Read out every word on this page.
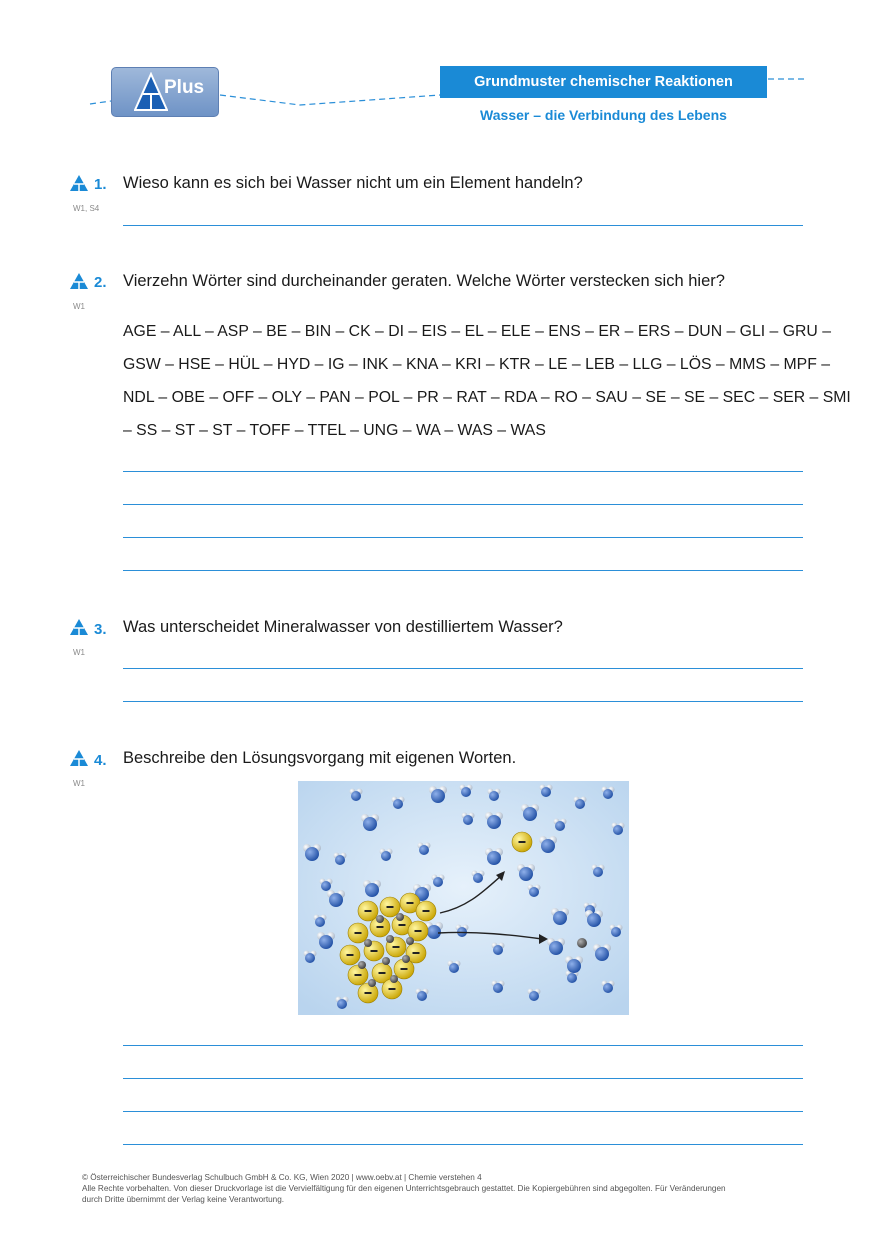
Plus	Grundmuster chemischer Reaktionen
Wasser – die Verbindung des Lebens
1.
W1, S4
Wieso kann es sich bei Wasser nicht um ein Element handeln?
2.
W1
Vierzehn Wörter sind durcheinander geraten. Welche Wörter verstecken sich hier?
AGE – ALL – ASP – BE – BIN – CK – DI – EIS – EL – ELE – ENS – ER – ERS – DUN – GLI – GRU –
GSW – HSE – HÜL – HYD – IG – INK – KNA – KRI – KTR – LE – LEB – LLG – LÖS – MMS – MPF –
NDL – OBE – OFF – OLY – PAN – POL – PR – RAT – RDA – RO – SAU – SE – SE – SEC – SER – SMI
– SS – ST – ST – TOFF – TTEL – UNG – WA – WAS – WAS
3.
W1
Was unterscheidet Mineralwasser von destilliertem Wasser?
4.
W1
Beschreibe den Lösungsvorgang mit eigenen Worten.
© Österreichischer Bundesverlag Schulbuch GmbH & Co. KG, Wien 2020 | www.oebv.at | Chemie verstehen 4
Alle Rechte vorbehalten. Von dieser Druckvorlage ist die Vervielfältigung für den eigenen Unterrichtsgebrauch gestattet. Die Kopiergebühren sind abgegolten. Für Veränderungen
durch Dritte übernimmt der Verlag keine Verantwortung.
